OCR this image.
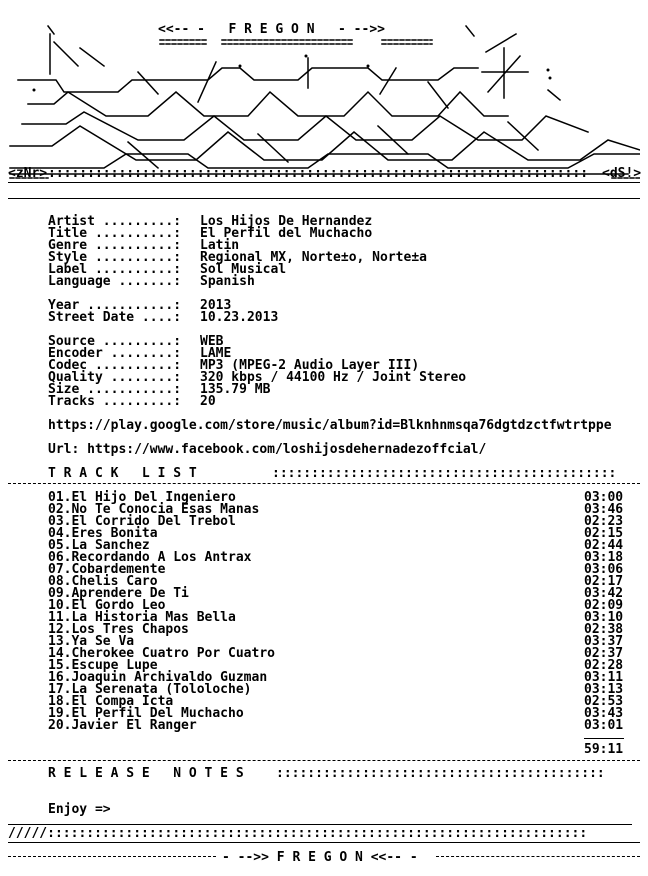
<<-- -   F R E G O N   - -->>
<zNr> ::::::::::::::::::::::::::::::::::::::::::::::::::::::::::::::::::::: <dS!>
Artist .........: Los Hijos De Hernandez
Title ..........: El Perfil del Muchacho
Genre ..........: Latin
Style ..........: Regional MX, Norte±o, Norte±a
Label ..........: Sol Musical
Language .......: Spanish
Year ...........: 2013
Street Date ....: 10.23.2013
Source .........: WEB
Encoder ........: LAME
Codec ..........: MP3 (MPEG-2 Audio Layer III)
Quality ........: 320 kbps / 44100 Hz / Joint Stereo
Size ...........: 135.79 MB
Tracks .........: 20
https://play.google.com/store/music/album?id=Blknhnmsqa76dgtdzctfwtrtppe
Url: https://www.facebook.com/loshijosdehernadezoffcial/
T R A C K   L I S T	::::::::::::::::::::::::::::::::::::::::::::
01.El Hijo Del Ingeniero	03:00
02.No Te Conocia Esas Manas	03:46
03.El Corrido Del Trebol	02:23
04.Eres Bonita	02:15
05.La Sanchez	02:44
06.Recordando A Los Antrax	03:18
07.Cobardemente	03:06
08.Chelis Caro	02:17
09.Aprendere De Ti	03:42
10.El Gordo Leo	02:09
11.La Historia Mas Bella	03:10
12.Los Tres Chapos	02:38
13.Ya Se Va	03:37
14.Cherokee Cuatro Por Cuatro	02:37
15.Escupe Lupe	02:28
16.Joaquin Archivaldo Guzman	03:11
17.La Serenata (Tololoche)	03:13
18.El Compa Icta	02:53
19.El Perfil Del Muchacho	03:43
20.Javier El Ranger	03:01
59:11
R E L E A S E   N O T E S ::::::::::::::::::::::::::::::::::::::::::
Enjoy =>
/////:::::::::::::::::::::::::::::::::::::::::::::::::::::::::::::::::::::
- -->> F R E G O N <<-- -
